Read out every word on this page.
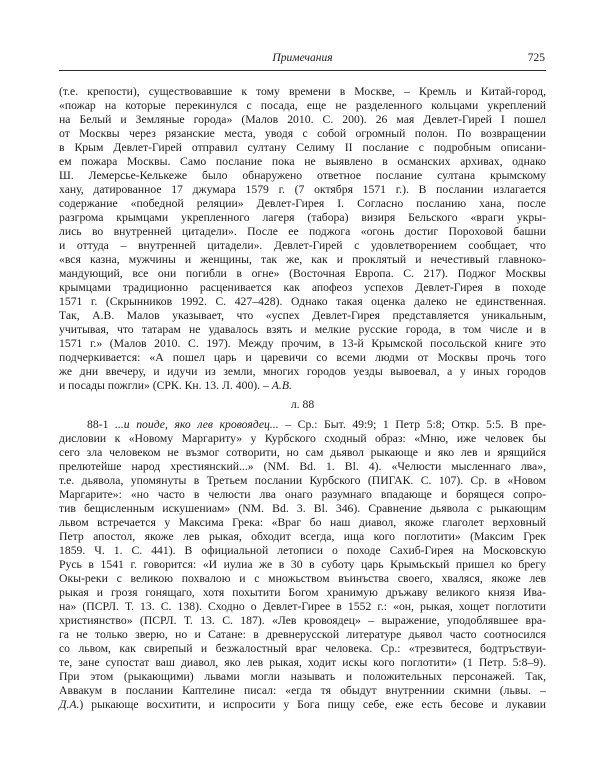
Примечания	725
(т.е. крепости), существовавшие к тому времени в Москве, – Кремль и Китай-город,
«пожар на которые перекинулся с посада, еще не разделенного кольцами укреплений
на Белый и Земляные города» (Малов 2010. С. 200). 26 мая Девлет-Гирей I пошел
от Москвы через рязанские места, уводя с собой огромный полон. По возвращении
в Крым Девлет-Гирей отправил султану Селиму II послание с подробным описани-
ем пожара Москвы. Само послание пока не выявлено в османских архивах, однако
Ш. Лемерсье-Келькеже было обнаружено ответное послание султана крымскому
хану, датированное 17 джумара 1579 г. (7 октября 1571 г.). В послании излагается
содержание «победной реляции» Девлет-Гирея I. Согласно посланию хана, после
разгрома крымцами укрепленного лагеря (табора) визиря Бельского «враги укры-
лись во внутренней цитадели». После ее поджога «огонь достиг Пороховой башни
и оттуда – внутренней цитадели». Девлет-Гирей с удовлетворением сообщает, что
«вся казна, мужчины и женщины, так же, как и проклятый и нечестивый главноко-
мандующий, все они погибли в огне» (Восточная Европа. С. 217). Поджог Москвы
крымцами традиционно расценивается как апофеоз успехов Девлет-Гирея в походе
1571 г. (Скрынников 1992. С. 427–428). Однако такая оценка далеко не единственная.
Так, А.В. Малов указывает, что «успех Девлет-Гирея представляется уникальным,
учитывая, что татарам не удавалось взять и мелкие русские города, в том числе и в
1571 г.» (Малов 2010. С. 197). Между прочим, в 13-й Крымской посольской книге это
подчеркивается: «А пошел царь и царевичи со всеми людми от Москвы прочь того
же дни ввечеру, и идучи из земли, многих городов уезды вывоевал, а у иных городов
и посады пожгли» (СРК. Кн. 13. Л. 400). – А.В.
л. 88
88-1 ...и поиде, яко лев кровоядец... – Ср.: Быт. 49:9; 1 Петр 5:8; Откр. 5:5. В пре-
дисловии к «Новому Маргариту» у Курбского сходный образ: «Мню, иже человек бы
сего зла человеком не възмог сотворити, но сам дьявол рыкающе и яко лев и ярящийся
прелютейше народ хрестиянский...» (NM. Bd. 1. Bl. 4). «Челюсти мысленнаго лва»,
т.е. дьявола, упомянуты в Третьем послании Курбского (ПИГАК. С. 107). Ср. в «Новом
Маргарите»: «но часто в челюсти лва онаго разумнаго впадающе и борящеся сопро-
тив бещисленным искушениам» (NM. Bd. 3. Bl. 346). Сравнение дьявола с рыкающим
львом встречается у Максима Грека: «Враг бо наш диавол, якоже глаголет верховный
Петр апостол, якоже лев рыкая, обходит всегда, ища кого поглотити» (Максим Грек
1859. Ч. 1. С. 441). В официальной летописи о походе Сахиб-Гирея на Московскую
Русь в 1541 г. говорится: «И иулиа же в 30 в суботу царь Крымьскый пришел ко брегу
Окы-реки с великою похвалою и с множьством въинъства своего, хваляся, якоже лев
рыкая и грозя гонящаго, хотя похытити Богом хранимую дръжаву великого князя Ива-
на» (ПСРЛ. Т. 13. С. 138). Сходно о Девлет-Гирее в 1552 г.: «он, рыкая, хощет поглотити
християнство» (ПСРЛ. Т. 13. С. 187). «Лев кровоядец» – выражение, уподоблявшее вра-
га не только зверю, но и Сатане: в древнерусской литературе дьявол часто соотносился
со львом, как свирепый и безжалостный враг человека. Ср.: «трезвитеся, бодтръствуи-
те, зане супостат ваш диавол, яко лев рыкая, ходит искы кого поглотити» (1 Петр. 5:8–9).
При этом (рыкающими) львами могли называть и положительных персонажей. Так,
Аввакум в послании Каптелине писал: «егда тя обыдут внутреннии скимни (львы. –
Д.А.) рыкающе восхитити, и испросити у Бога пищу себе, еже есть бесове и лукавии
